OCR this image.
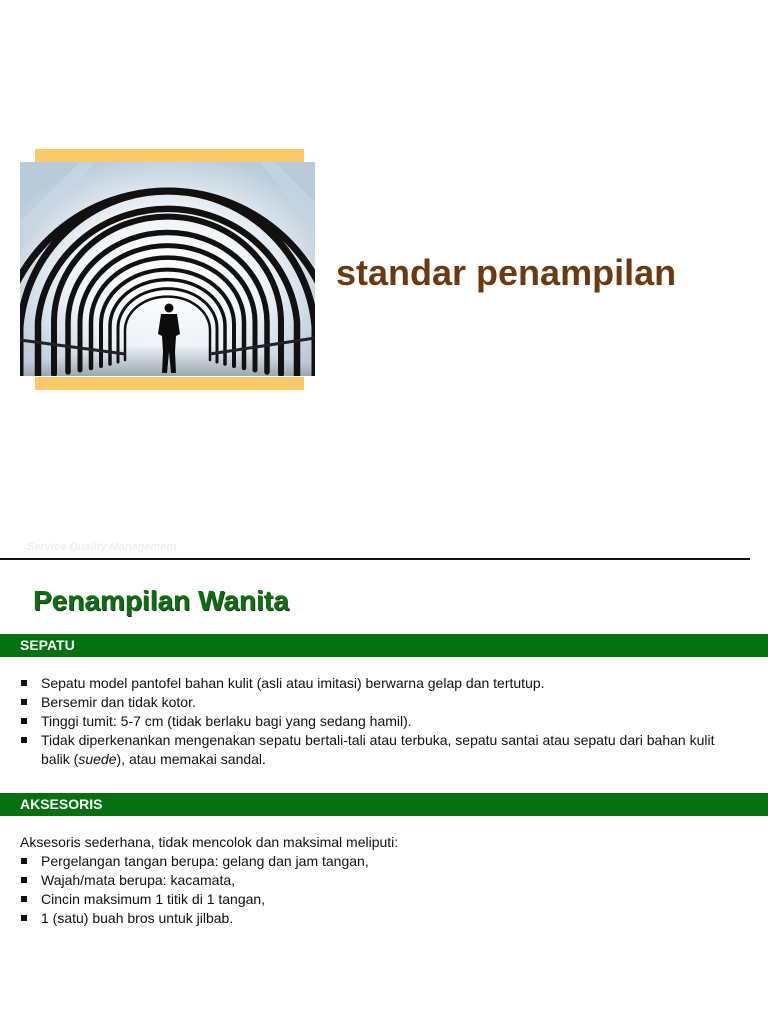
standar penampilan
Service Quality Management
Penampilan Wanita
SEPATU
Sepatu model pantofel bahan kulit (asli atau imitasi) berwarna gelap dan tertutup.
Bersemir dan tidak kotor.
Tinggi tumit: 5-7 cm (tidak berlaku bagi yang sedang hamil).
Tidak diperkenankan mengenakan sepatu bertali-tali atau terbuka, sepatu santai atau sepatu dari bahan kulit balik (suede), atau memakai sandal.
AKSESORIS
Aksesoris sederhana, tidak mencolok dan maksimal meliputi:
Pergelangan tangan berupa: gelang dan jam tangan,
Wajah/mata berupa: kacamata,
Cincin maksimum 1 titik di 1 tangan,
1 (satu) buah bros untuk jilbab.
